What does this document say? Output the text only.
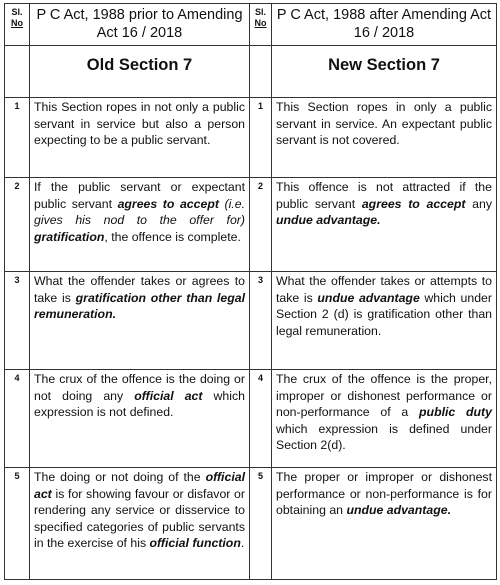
Sl.
No	P C Act, 1988 prior to Amending Act 16 / 2018	Sl.
No	P C Act, 1988 after Amending Act 16 / 2018
	Old Section 7		New Section 7
1	This Section ropes in not only a public servant in service but also a person expecting to be a public servant.	1	This Section ropes in only a public servant in service. An expectant public servant is not covered.
2	If the public servant or expectant public servant agrees to accept (i.e. gives his nod to the offer for) gratification, the offence is complete.	2	This offence is not attracted if the public servant agrees to accept any undue advantage.
3	What the offender takes or agrees to take is gratification other than legal remuneration.	3	What the offender takes or attempts to take is undue advantage which under Section 2 (d) is gratification other than legal remuneration.
4	The crux of the offence is the doing or not doing any official act which expression is not defined.	4	The crux of the offence is the proper, improper or dishonest performance or non-performance of a public duty which expression is defined under Section 2(d).
5	The doing or not doing of the official act is for showing favour or disfavor or rendering any service or disservice to specified categories of public servants in the exercise of his official function.	5	The proper or improper or dishonest performance or non-performance is for obtaining an undue advantage.
